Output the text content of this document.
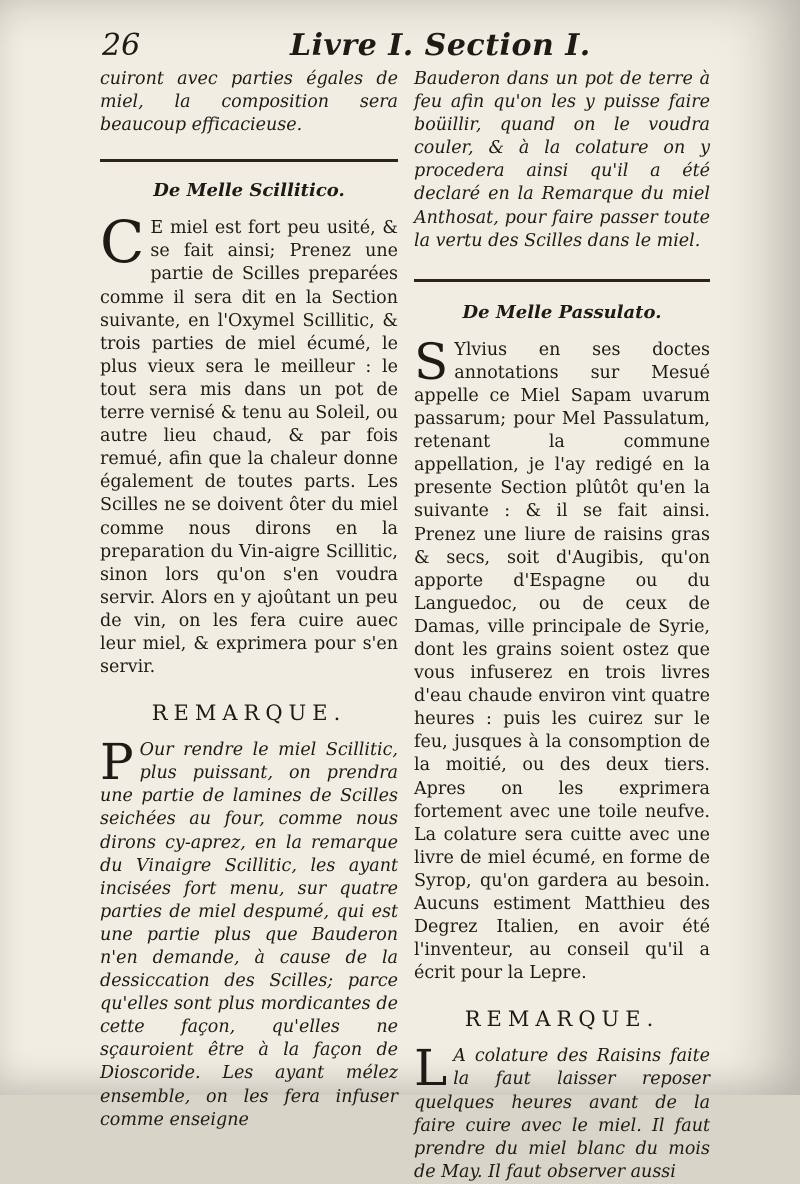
26	Livre I. Section I.

cuiront avec parties égales de miel, la composition sera beaucoup efficacieuse.

De Melle Scillitico.

C E miel est fort peu usité, & se fait ainsi; Prenez une partie de Scilles preparées comme il sera dit en la Section suivante, en l'Oxymel Scillitic, & trois parties de miel écumé, le plus vieux sera le meilleur : le tout sera mis dans un pot de terre vernisé & tenu au Soleil, ou autre lieu chaud, & par fois remué, afin que la chaleur donne également de toutes parts. Les Scilles ne se doivent ôter du miel comme nous dirons en la preparation du Vin-aigre Scillitic, sinon lors qu'on s'en voudra servir. Alors en y ajoûtant un peu de vin, on les fera cuire auec leur miel, & exprimera pour s'en servir.

REMARQUE.

P Our rendre le miel Scillitic, plus puissant, on prendra une partie de lamines de Scilles seichées au four, comme nous dirons cy-aprez, en la remarque du Vinaigre Scillitic, les ayant incisées fort menu, sur quatre parties de miel despumé, qui est une partie plus que Bauderon n'en demande, à cause de la dessiccation des Scilles; parce qu'elles sont plus mordicantes de cette façon, qu'elles ne sçauroient être à la façon de Dioscoride. Les ayant mélez ensemble, on les fera infuser comme enseigne

Bauderon dans un pot de terre à feu afin qu'on les y puisse faire boüillir, quand on le voudra couler, & à la colature on y procedera ainsi qu'il a été declaré en la Remarque du miel Anthosat, pour faire passer toute la vertu des Scilles dans le miel.

De Melle Passulato.

S Ylvius en ses doctes annotations sur Mesué appelle ce Miel Sapam uvarum passarum; pour Mel Passulatum, retenant la commune appellation, je l'ay redigé en la presente Section plûtôt qu'en la suivante : & il se fait ainsi. Prenez une liure de raisins gras & secs, soit d'Augibis, qu'on apporte d'Espagne ou du Languedoc, ou de ceux de Damas, ville principale de Syrie, dont les grains soient ostez que vous infuserez en trois livres d'eau chaude environ vint quatre heures : puis les cuirez sur le feu, jusques à la consomption de la moitié, ou des deux tiers. Apres on les exprimera fortement avec une toile neufve. La colature sera cuitte avec une livre de miel écumé, en forme de Syrop, qu'on gardera au besoin. Aucuns estiment Matthieu des Degrez Italien, en avoir été l'inventeur, au conseil qu'il a écrit pour la Lepre.

REMARQUE.

L A colature des Raisins faite la faut laisser reposer quelques heures avant de la faire cuire avec le miel. Il faut prendre du miel blanc du mois de May. Il faut observer aussi
